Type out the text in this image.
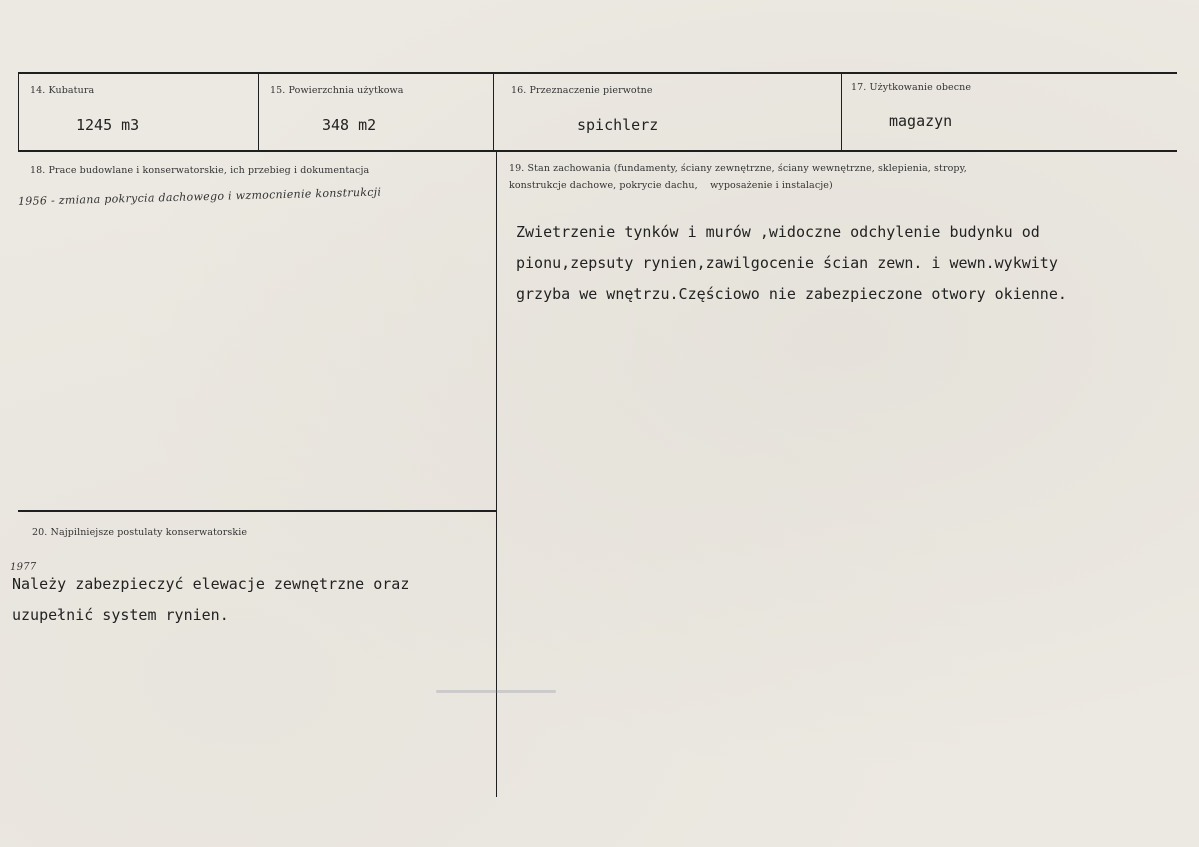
14. Kubatura
1245 m3
15. Powierzchnia użytkowa
348 m2
16. Przeznaczenie pierwotne
spichlerz
17. Użytkowanie obecne
magazyn
18. Prace budowlane i konserwatorskie, ich przebieg i dokumentacja
1956 - zmiana pokrycia dachowego i wzmocnienie konstrukcji
19. Stan zachowania (fundamenty, ściany zewnętrzne, ściany wewnętrzne, sklepienia, stropy,
konstrukcje dachowe, pokrycie dachu,    wyposażenie i instalacje)
Zwietrzenie tynków i murów ,widoczne odchylenie budynku od
pionu,zepsuty rynien,zawilgocenie ścian zewn. i wewn.wykwity
grzyba we wnętrzu.Częściowo nie zabezpieczone otwory okienne.
20. Najpilniejsze postulaty konserwatorskie
1977
Należy zabezpieczyć elewacje zewnętrzne oraz
uzupełnić system rynien.
